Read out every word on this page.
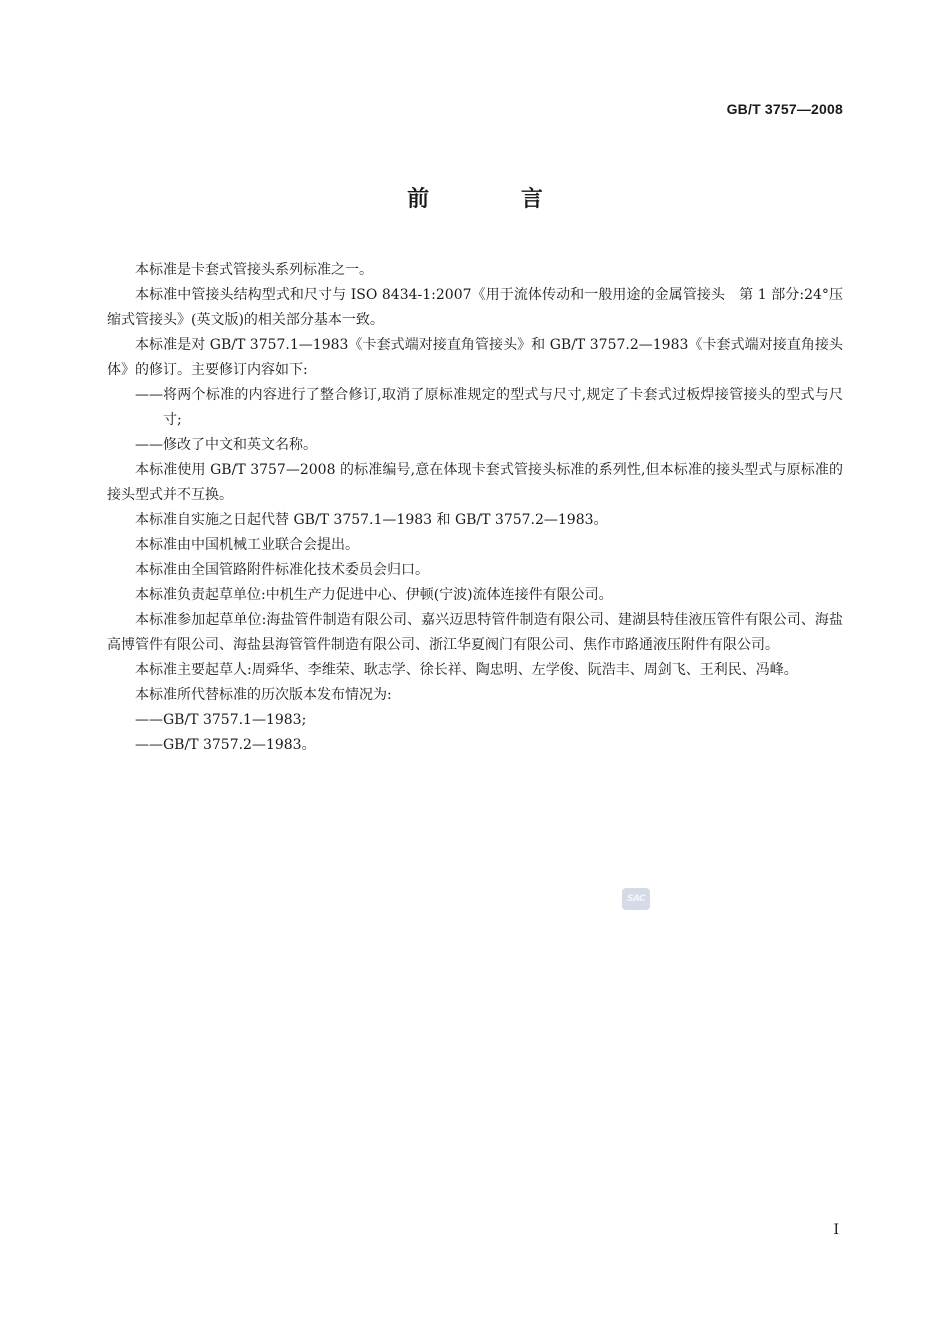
GB/T 3757—2008
前 言

本标准是卡套式管接头系列标准之一。

本标准中管接头结构型式和尺寸与 ISO 8434-1:2007《用于流体传动和一般用途的金属管接头　第 1 部分:24°压缩式管接头》(英文版)的相关部分基本一致。

本标准是对 GB/T 3757.1—1983《卡套式端对接直角管接头》和 GB/T 3757.2—1983《卡套式端对接直角接头体》的修订。主要修订内容如下:

—— 将两个标准的内容进行了整合修订,取消了原标准规定的型式与尺寸,规定了卡套式过板焊接管接头的型式与尺寸;

—— 修改了中文和英文名称。

本标准使用 GB/T 3757—2008 的标准编号,意在体现卡套式管接头标准的系列性,但本标准的接头型式与原标准的接头型式并不互换。

本标准自实施之日起代替 GB/T 3757.1—1983 和 GB/T 3757.2—1983。

本标准由中国机械工业联合会提出。

本标准由全国管路附件标准化技术委员会归口。

本标准负责起草单位:中机生产力促进中心、伊顿(宁波)流体连接件有限公司。

本标准参加起草单位:海盐管件制造有限公司、嘉兴迈思特管件制造有限公司、建湖县特佳液压管件有限公司、海盐高博管件有限公司、海盐县海管管件制造有限公司、浙江华夏阀门有限公司、焦作市路通液压附件有限公司。

本标准主要起草人:周舜华、李维荣、耿志学、徐长祥、陶忠明、左学俊、阮浩丰、周剑飞、王利民、冯峰。

本标准所代替标准的历次版本发布情况为:

——GB/T 3757.1—1983;

——GB/T 3757.2—1983。

SAC
I
